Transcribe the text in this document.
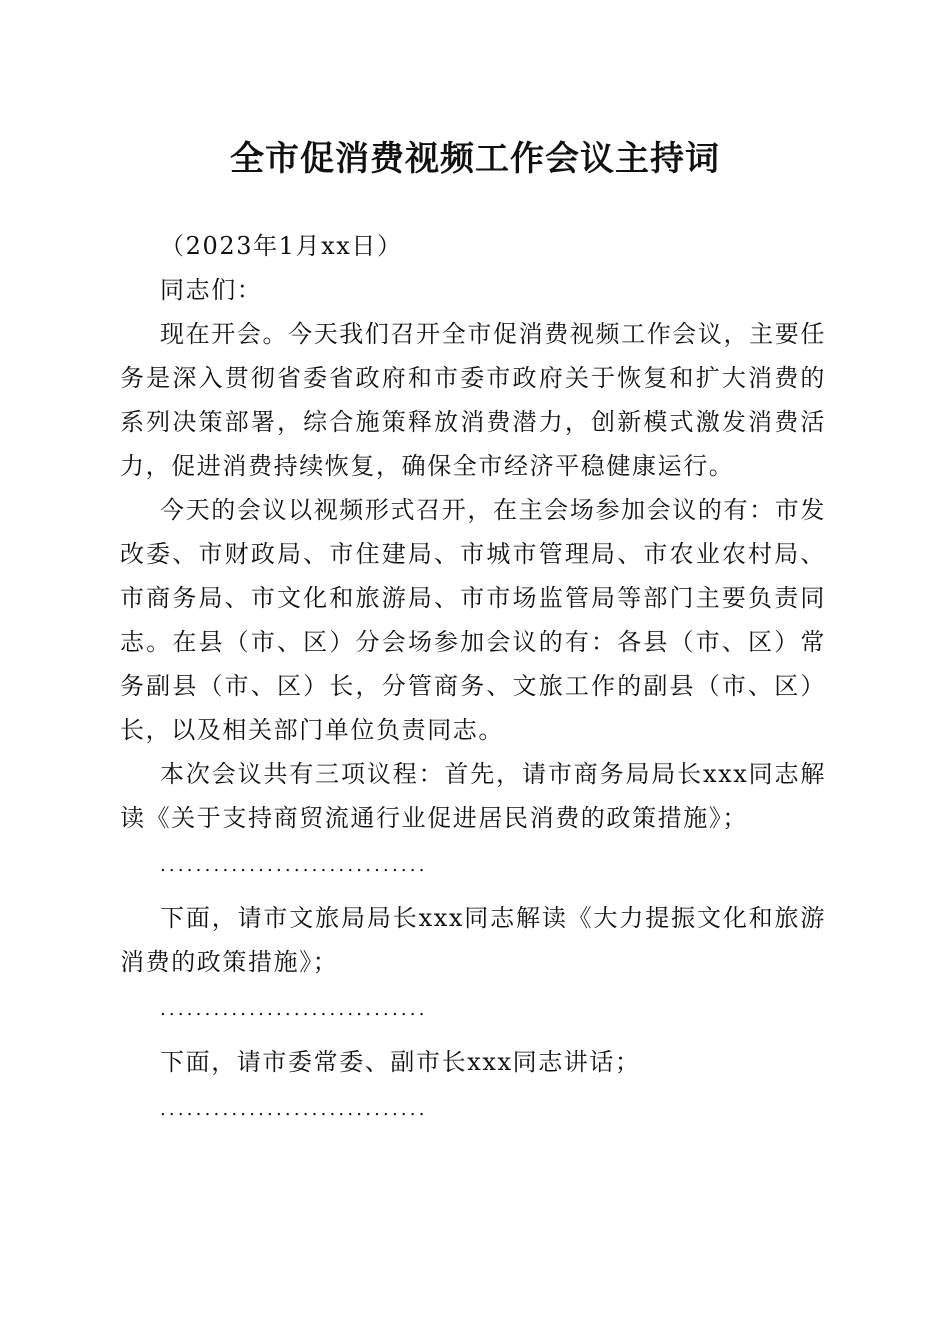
全市促消费视频工作会议主持词

（2023年1月xx日）

同志们：

现在开会。今天我们召开全市促消费视频工作会议，主要任务是深入贯彻省委省政府和市委市政府关于恢复和扩大消费的系列决策部署，综合施策释放消费潜力，创新模式激发消费活力，促进消费持续恢复，确保全市经济平稳健康运行。

今天的会议以视频形式召开，在主会场参加会议的有：市发改委、市财政局、市住建局、市城市管理局、市农业农村局、市商务局、市文化和旅游局、市市场监管局等部门主要负责同志。在县（市、区）分会场参加会议的有：各县（市、区）常务副县（市、区）长，分管商务、文旅工作的副县（市、区）长，以及相关部门单位负责同志。

本次会议共有三项议程：首先，请市商务局局长xxx同志解读《关于支持商贸流通行业促进居民消费的政策措施》；

..............................

下面，请市文旅局局长xxx同志解读《大力提振文化和旅游消费的政策措施》；

..............................

下面，请市委常委、副市长xxx同志讲话；

..............................
